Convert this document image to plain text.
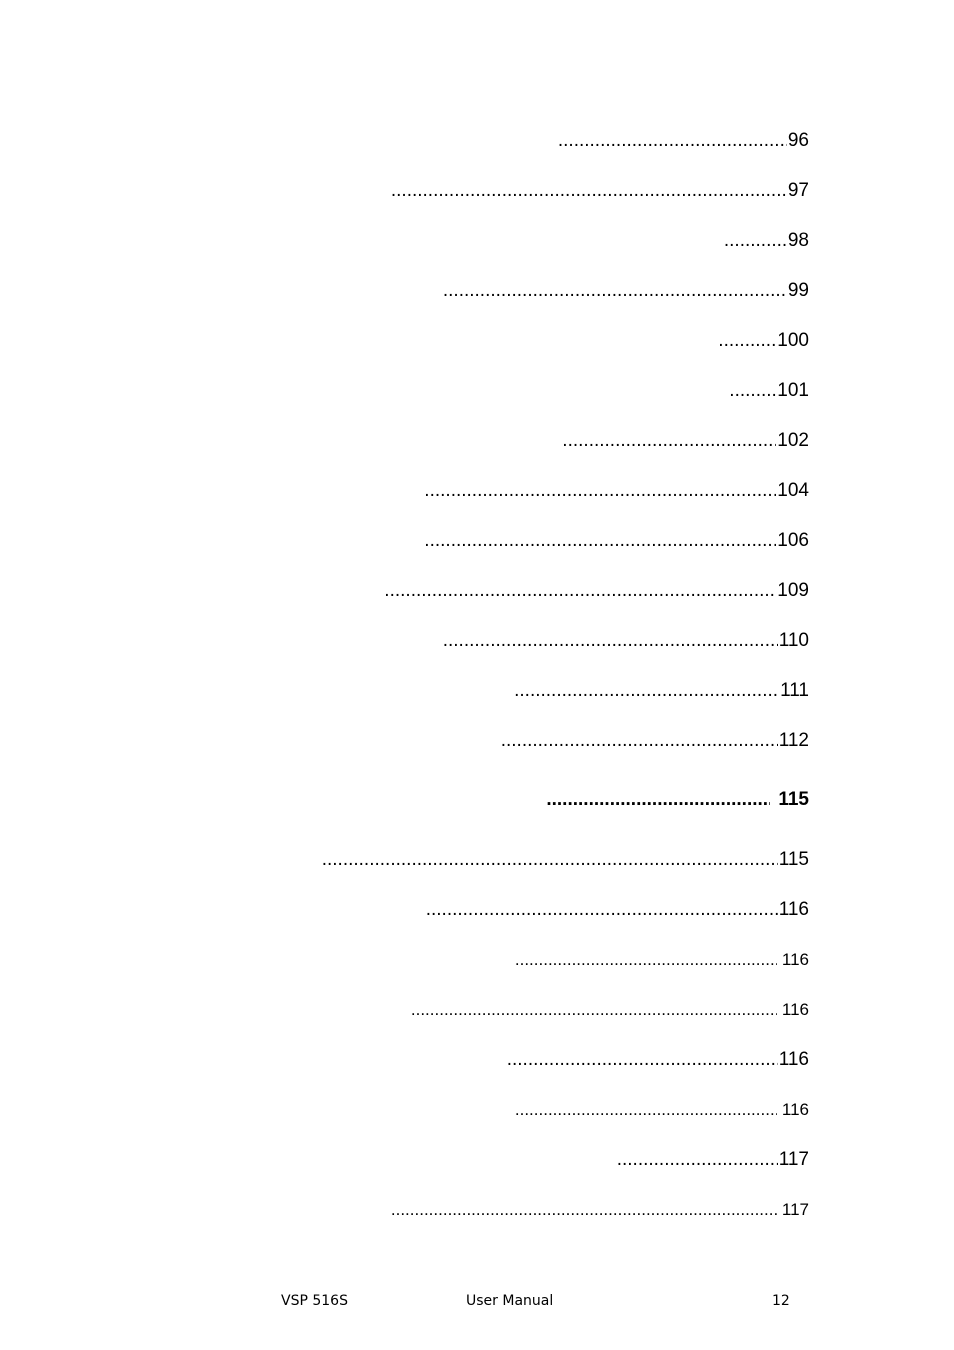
.....
96
.....
97
.....
98
.....
99
.....
100
.....
101
.....
102
.....
104
.....
106
.....
109
.....
110
.....
111
.....
112
.....
115
.....
115
.....
116
.....
116
.....
116
.....
116
.....
116
.....
117
.....
117
VSP 516S	User Manual	12
